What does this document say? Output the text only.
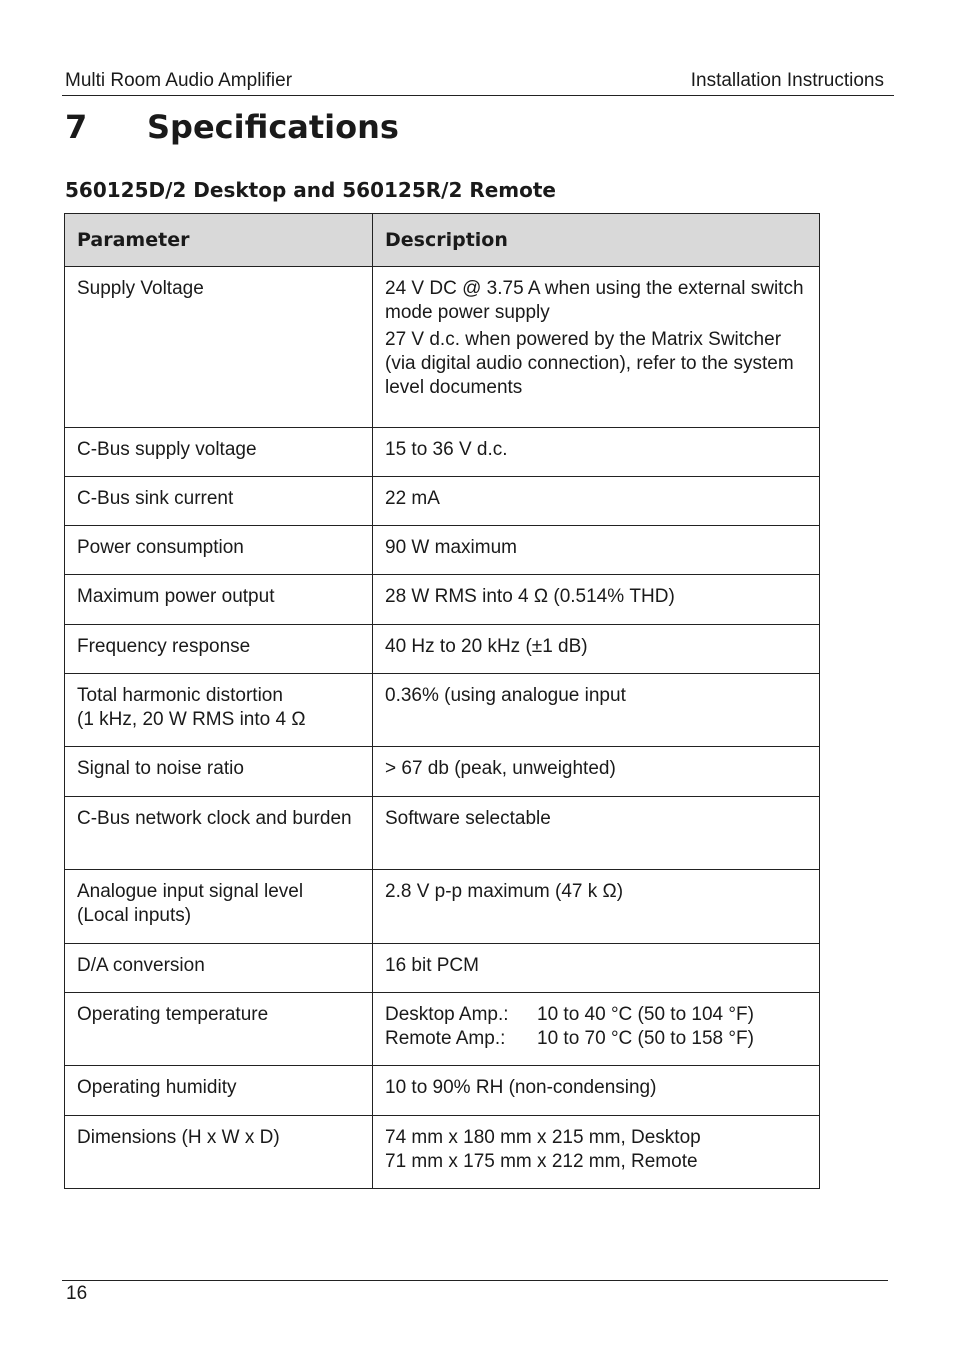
Multi Room Audio Amplifier	Installation Instructions
7 Specifications
560125D/2 Desktop and 560125R/2 Remote
Parameter	Description

Supply Voltage	24 V DC @ 3.75 A when using the external switch mode power supply
27 V d.c. when powered by the Matrix Switcher (via digital audio connection), refer to the system level documents

C-Bus supply voltage	15 to 36 V d.c.

C-Bus sink current	22 mA

Power consumption	90 W maximum

Maximum power output	28 W RMS into 4 Ω (0.514% THD)

Frequency response	40 Hz to 20 kHz (±1 dB)

Total harmonic distortion
(1 kHz, 20 W RMS into 4 Ω	0.36% (using analogue input

Signal to noise ratio	> 67 db (peak, unweighted)

C-Bus network clock and burden	Software selectable

Analogue input signal level (Local inputs)	2.8 V p-p maximum (47 k Ω)

D/A conversion	16 bit PCM

Operating temperature	Desktop Amp.: 10 to 40 °C (50 to 104 °F)
Remote Amp.: 10 to 70 °C (50 to 158 °F)

Operating humidity	10 to 90% RH (non-condensing)

Dimensions (H x W x D)	74 mm x 180 mm x 215 mm, Desktop
71 mm x 175 mm x 212 mm, Remote
16
